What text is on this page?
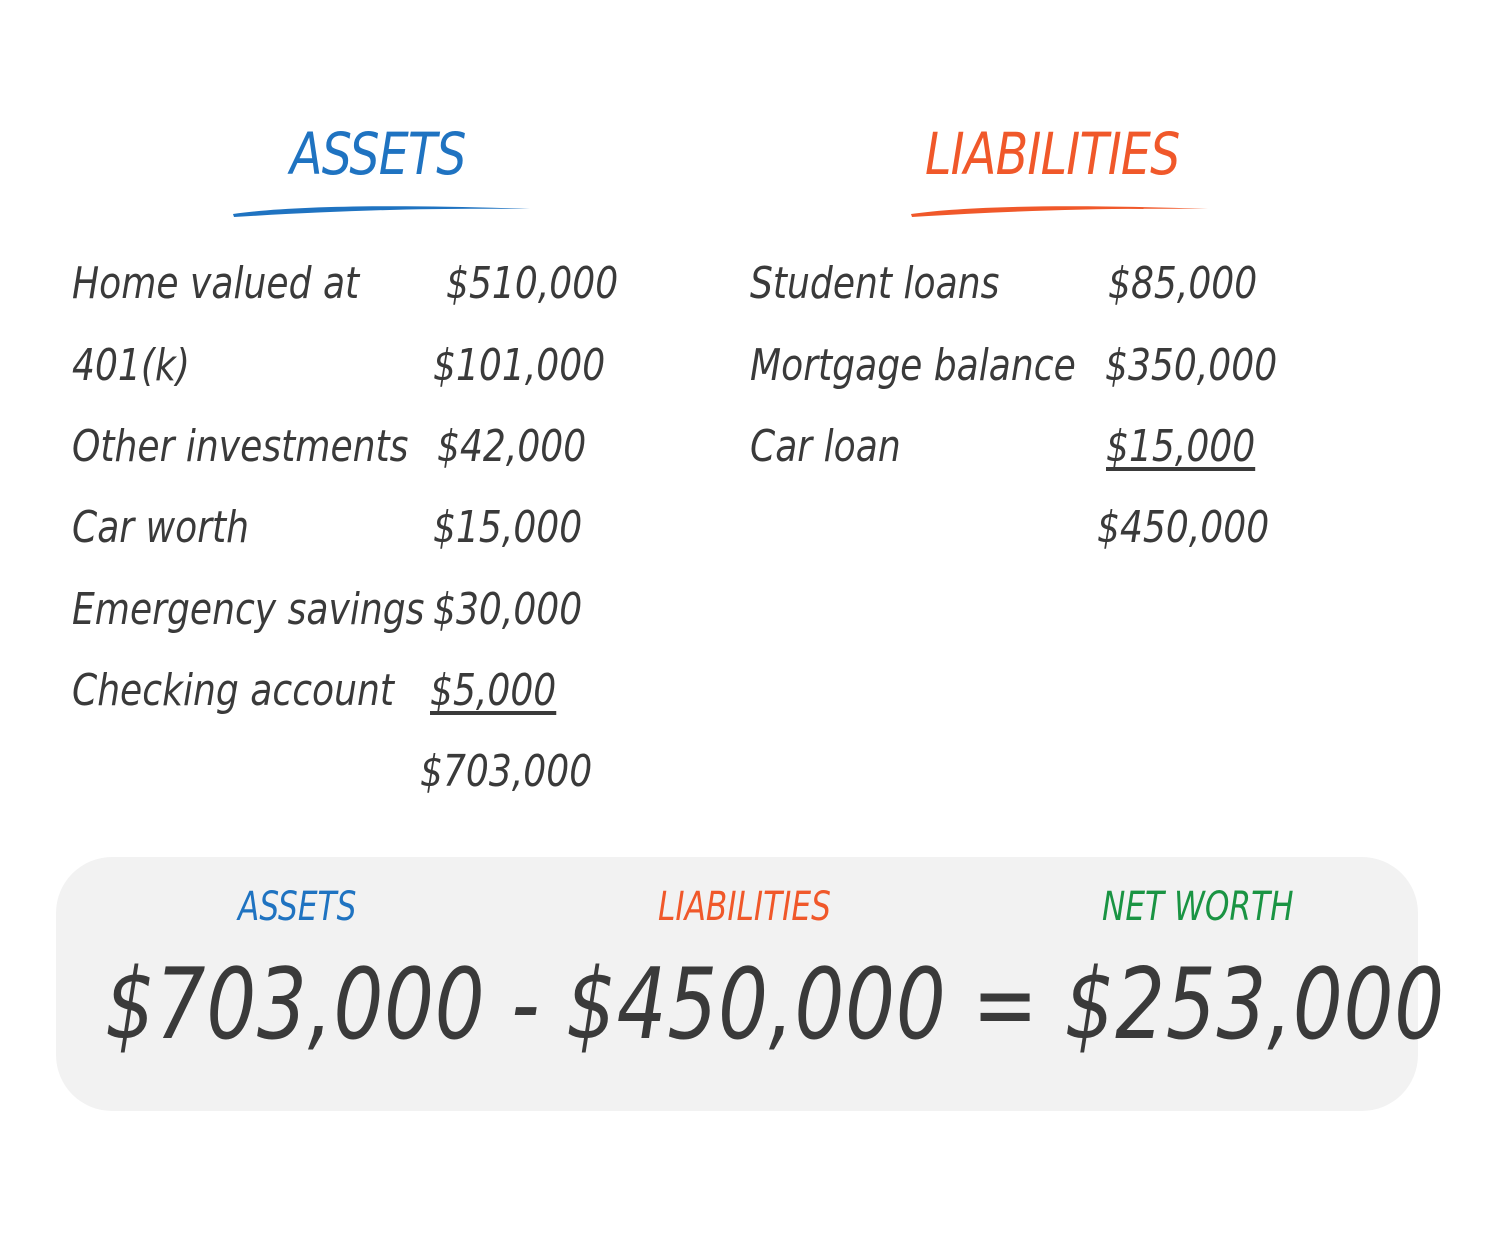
ASSETS	LIABILITIES
Home valued at $510,000
401(k)	$101,000
Other investments $42,000
Car worth	$15,000
Emergency savings $30,000
Checking account $5,000
$703,000
Student loans $85,000
Mortgage balance $350,000
Car loan	$15,000
$450,000
ASSETS	LIABILITIES	NET WORTH
$703,000 - $450,000 = $253,000
